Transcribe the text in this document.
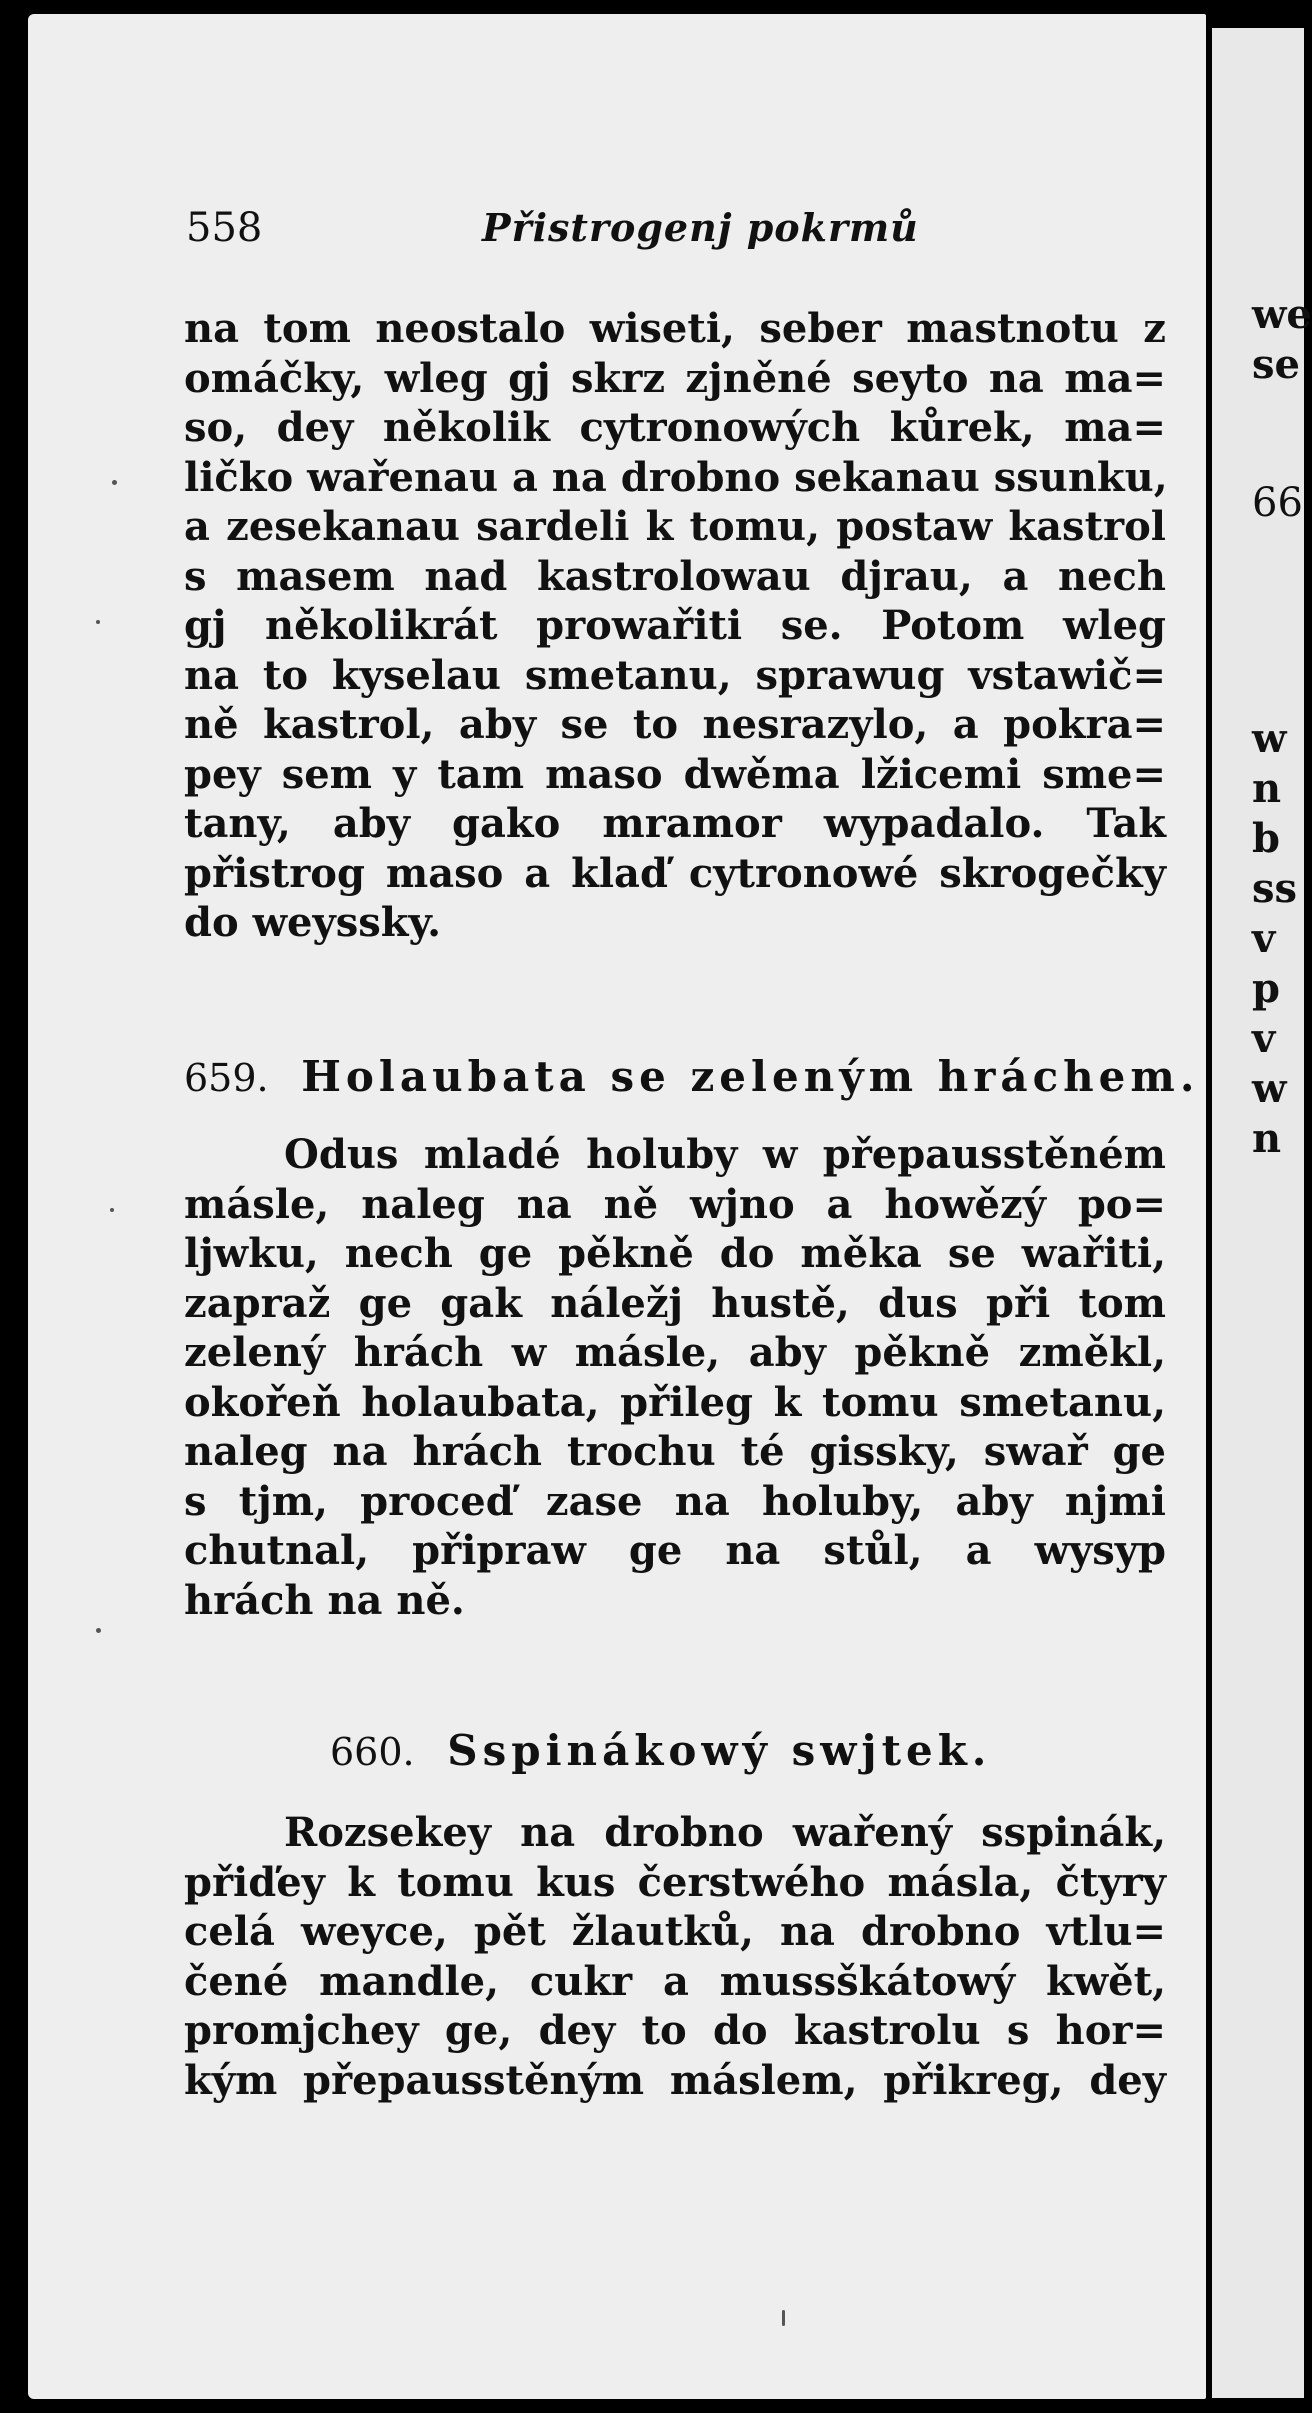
558	Přistrogenj pokrmů
na tom neostalo wiseti, seber mastnotu z
omáčky, wleg gj skrz zjněné seyto na ma=
so, dey několik cytronowých kůrek, ma=
ličko wařenau a na drobno sekanau ssunku,
a zesekanau sardeli k tomu, postaw kastrol
s masem nad kastrolowau djrau, a nech
gj několikrát prowařiti se. Potom wleg
na to kyselau smetanu, sprawug vstawič=
ně kastrol, aby se to nesrazylo, a pokra=
pey sem y tam maso dwěma lžicemi sme=
tany, aby gako mramor wypadalo. Tak
přistrog maso a klaď cytronowé skrogečky
do weyssky.
659. Holaubata se zeleným hráchem.
Odus mladé holuby w přepausstěném
másle, naleg na ně wjno a howězý po=
ljwku, nech ge pěkně do měka se wařiti,
zapraž ge gak náležj hustě, dus při tom
zelený hrách w másle, aby pěkně změkl,
okořeň holaubata, přileg k tomu smetanu,
naleg na hrách trochu té gissky, swař ge
s tjm, proceď zase na holuby, aby njmi
chutnal, připraw ge na stůl, a wysyp
hrách na ně.
660. Sspinákowý swjtek.
Rozsekey na drobno wařený sspinák,
přiďey k tomu kus čerstwého másla, čtyry
celá weyce, pět žlautků, na drobno vtlu=
čené mandle, cukr a mussškátowý kwět,
promjchey ge, dey to do kastrolu s hor=
kým přepausstěným máslem, přikreg, dey
we
se
66
w
n
b
ss
v
p
v
w
n
